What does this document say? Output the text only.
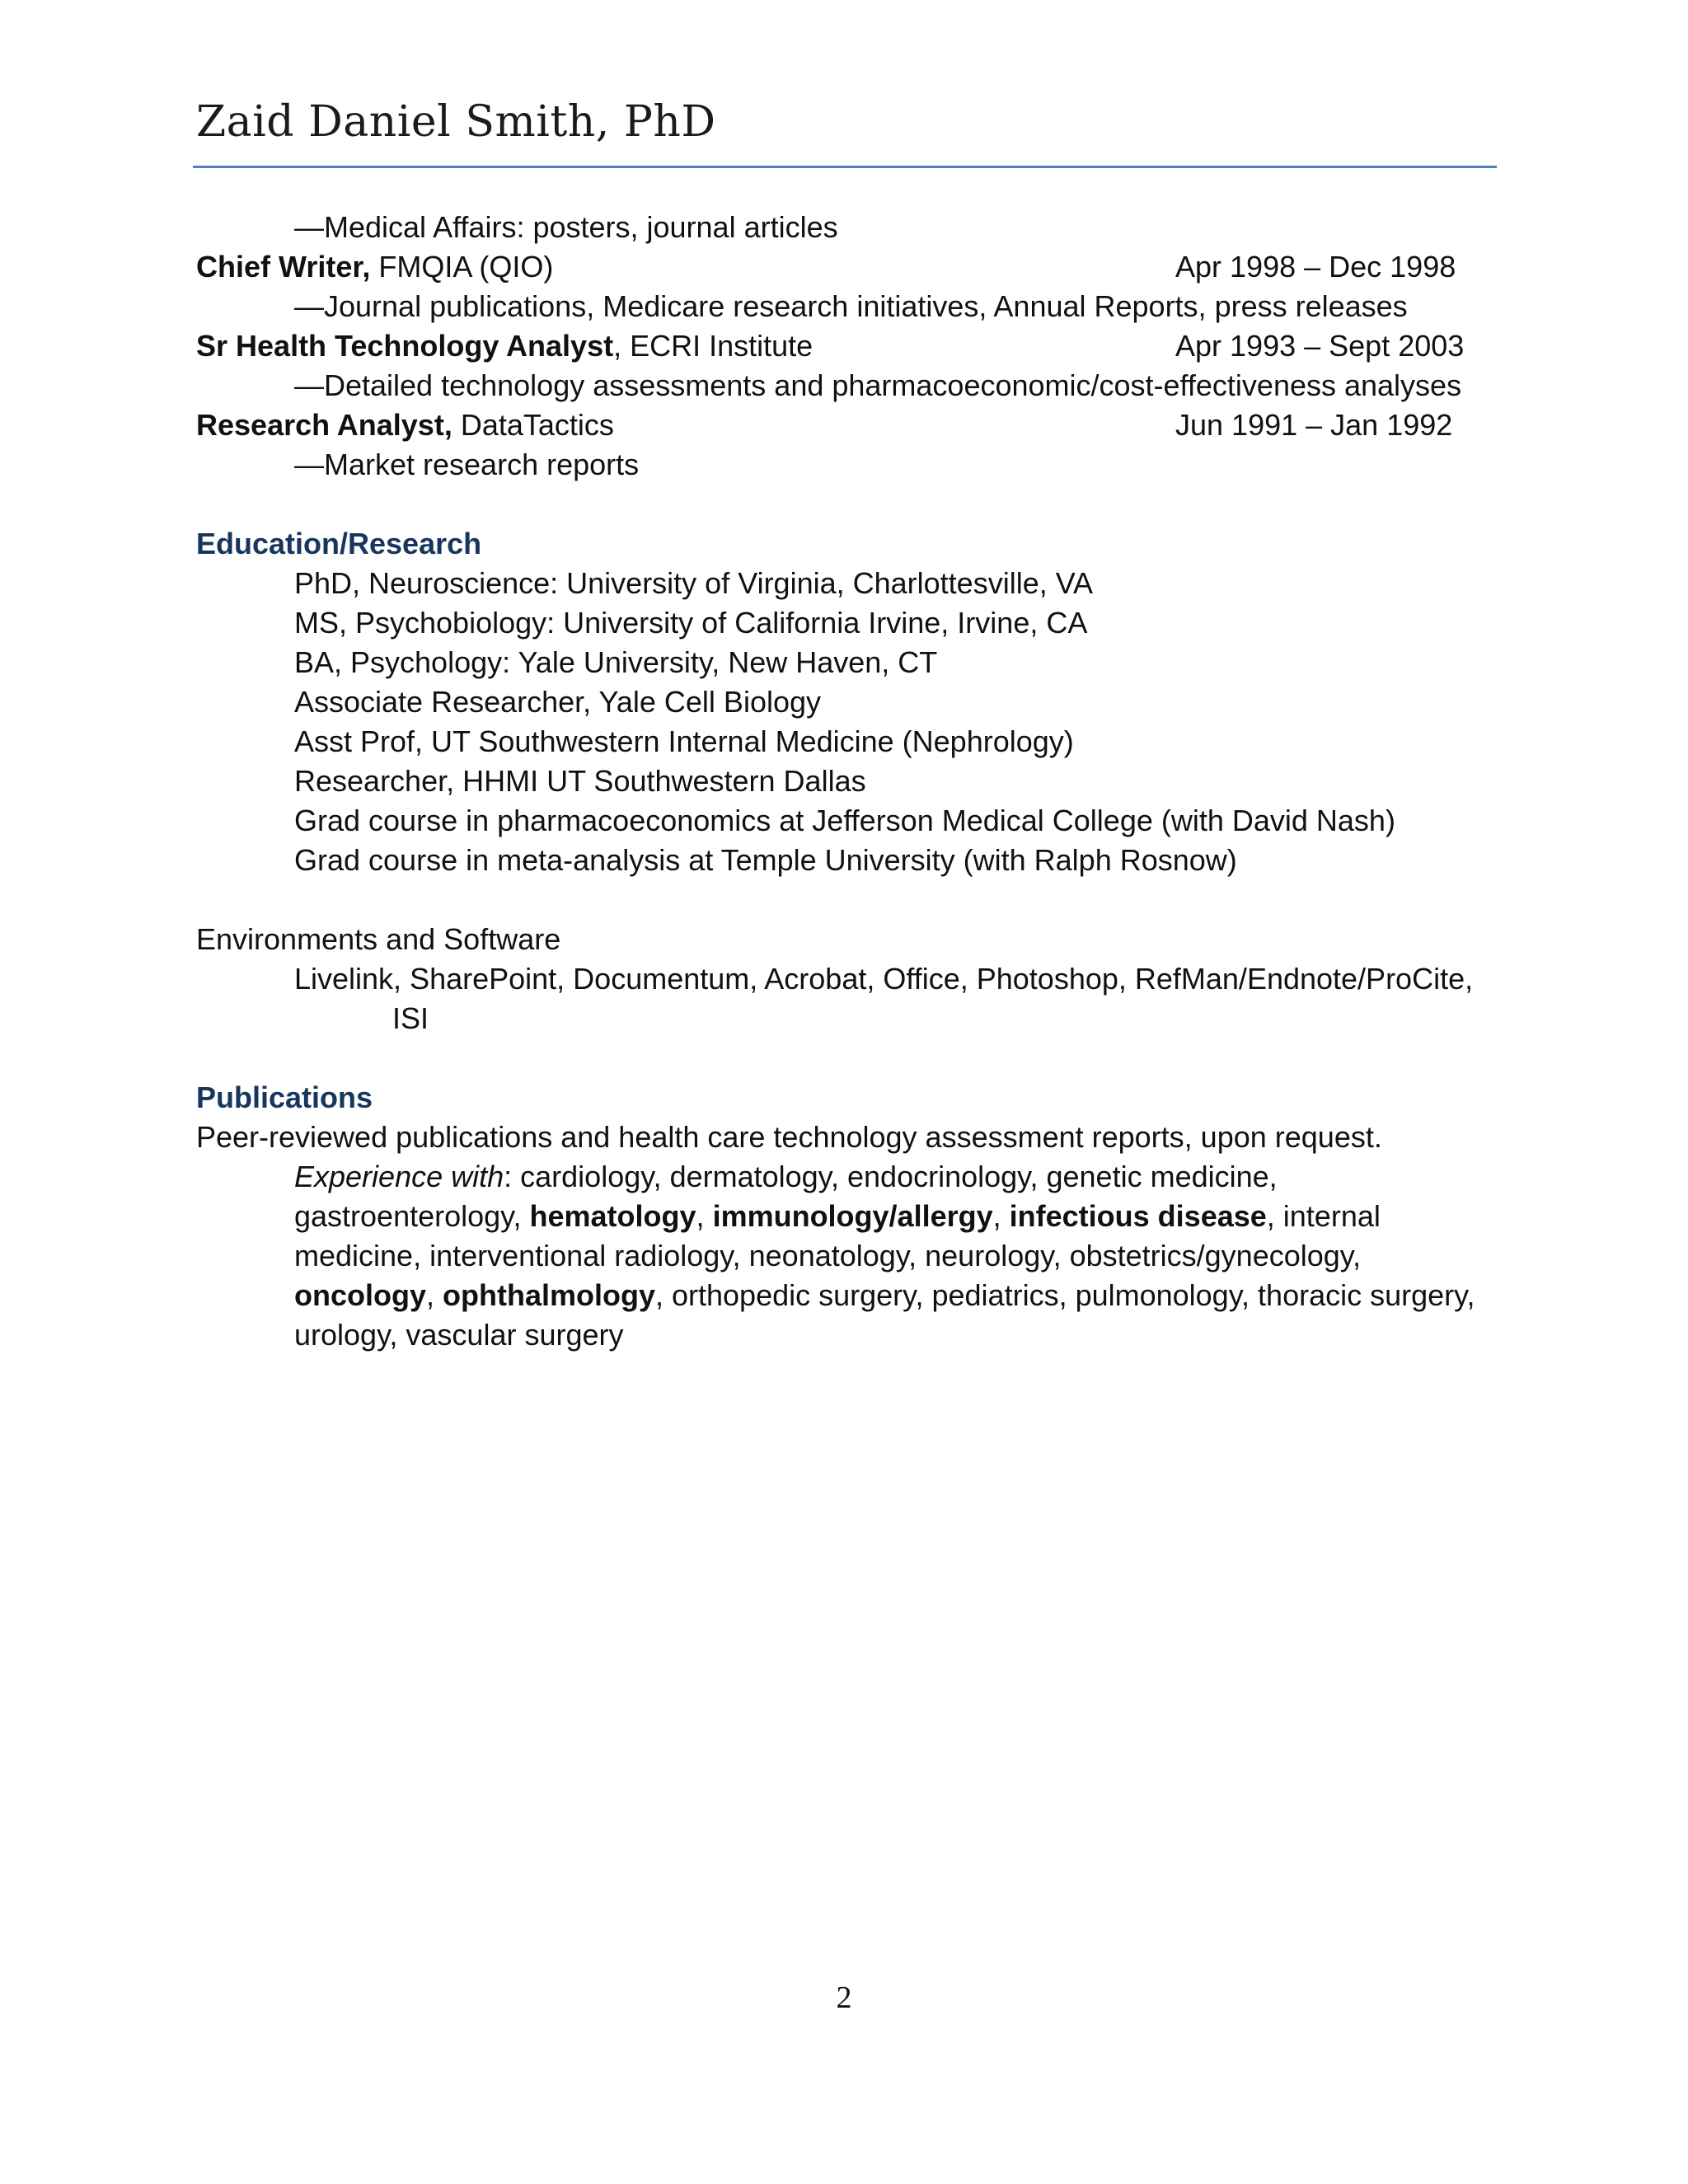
Zaid Daniel Smith, PhD
—Medical Affairs: posters, journal articles
Chief Writer, FMQIA (QIO)	Apr 1998 – Dec 1998
—Journal publications, Medicare research initiatives, Annual Reports, press releases
Sr Health Technology Analyst, ECRI Institute	Apr 1993 – Sept 2003
—Detailed technology assessments and pharmacoeconomic/cost-effectiveness analyses
Research Analyst, DataTactics	Jun 1991 – Jan 1992
—Market research reports
Education/Research
PhD, Neuroscience: University of Virginia, Charlottesville, VA
MS, Psychobiology: University of California Irvine, Irvine, CA
BA, Psychology: Yale University, New Haven, CT
Associate Researcher, Yale Cell Biology
Asst Prof, UT Southwestern Internal Medicine (Nephrology)
Researcher, HHMI UT Southwestern Dallas
Grad course in pharmacoeconomics at Jefferson Medical College (with David Nash)
Grad course in meta-analysis at Temple University (with Ralph Rosnow)
Environments and Software
Livelink, SharePoint, Documentum, Acrobat, Office, Photoshop, RefMan/Endnote/ProCite,
ISI
Publications
Peer-reviewed publications and health care technology assessment reports, upon request.
Experience with: cardiology, dermatology, endocrinology, genetic medicine,
gastroenterology, hematology, immunology/allergy, infectious disease, internal
medicine, interventional radiology, neonatology, neurology, obstetrics/gynecology,
oncology, ophthalmology, orthopedic surgery, pediatrics, pulmonology, thoracic surgery,
urology, vascular surgery
2
